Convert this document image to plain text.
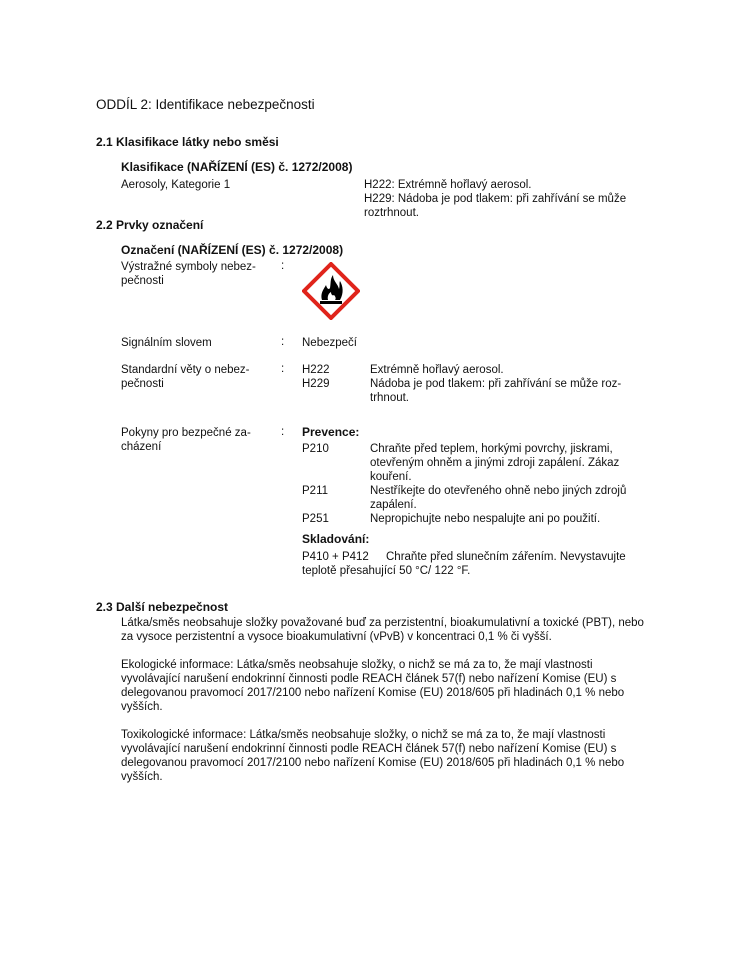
ODDÍL 2: Identifikace nebezpečnosti
2.1 Klasifikace látky nebo směsi
Klasifikace (NAŘÍZENÍ (ES) č. 1272/2008)
Aerosoly, Kategorie 1	H222: Extrémně hořlavý aerosol.
H229: Nádoba je pod tlakem: při zahřívání se může roztrhnout.
2.2 Prvky označení
Označení (NAŘÍZENÍ (ES) č. 1272/2008)
Výstražné symboly nebez-pečnosti
:
Signálním slovem	: Nebezpečí
Standardní věty o nebez-pečnosti
: H222	Extrémně hořlavý aerosol.
H229	Nádoba je pod tlakem: při zahřívání se může roz-trhnout.
Pokyny pro bezpečné za-cházení
: Prevence:
P210	Chraňte před teplem, horkými povrchy, jiskrami, otevřeným ohněm a jinými zdroji zapálení. Zákaz kouření.
P211	Nestříkejte do otevřeného ohně nebo jiných zdrojů zapálení.
P251	Nepropichujte nebo nespalujte ani po použití.
Skladování:
P410 + P412 Chraňte před slunečním zářením. Nevystavujte teplotě přesahující 50 °C/ 122 °F.
2.3 Další nebezpečnost

Látka/směs neobsahuje složky považované buď za perzistentní, bioakumulativní a toxické (PBT), nebo za vysoce perzistentní a vysoce bioakumulativní (vPvB) v koncentraci 0,1 % či vyšší.

Ekologické informace: Látka/směs neobsahuje složky, o nichž se má za to, že mají vlastnosti vyvolávající narušení endokrinní činnosti podle REACH článek 57(f) nebo nařízení Komise (EU) s delegovanou pravomocí 2017/2100 nebo nařízení Komise (EU) 2018/605 při hladinách 0,1 % nebo vyšších.

Toxikologické informace: Látka/směs neobsahuje složky, o nichž se má za to, že mají vlastnosti vyvolávající narušení endokrinní činnosti podle REACH článek 57(f) nebo nařízení Komise (EU) s delegovanou pravomocí 2017/2100 nebo nařízení Komise (EU) 2018/605 při hladinách 0,1 % nebo vyšších.
